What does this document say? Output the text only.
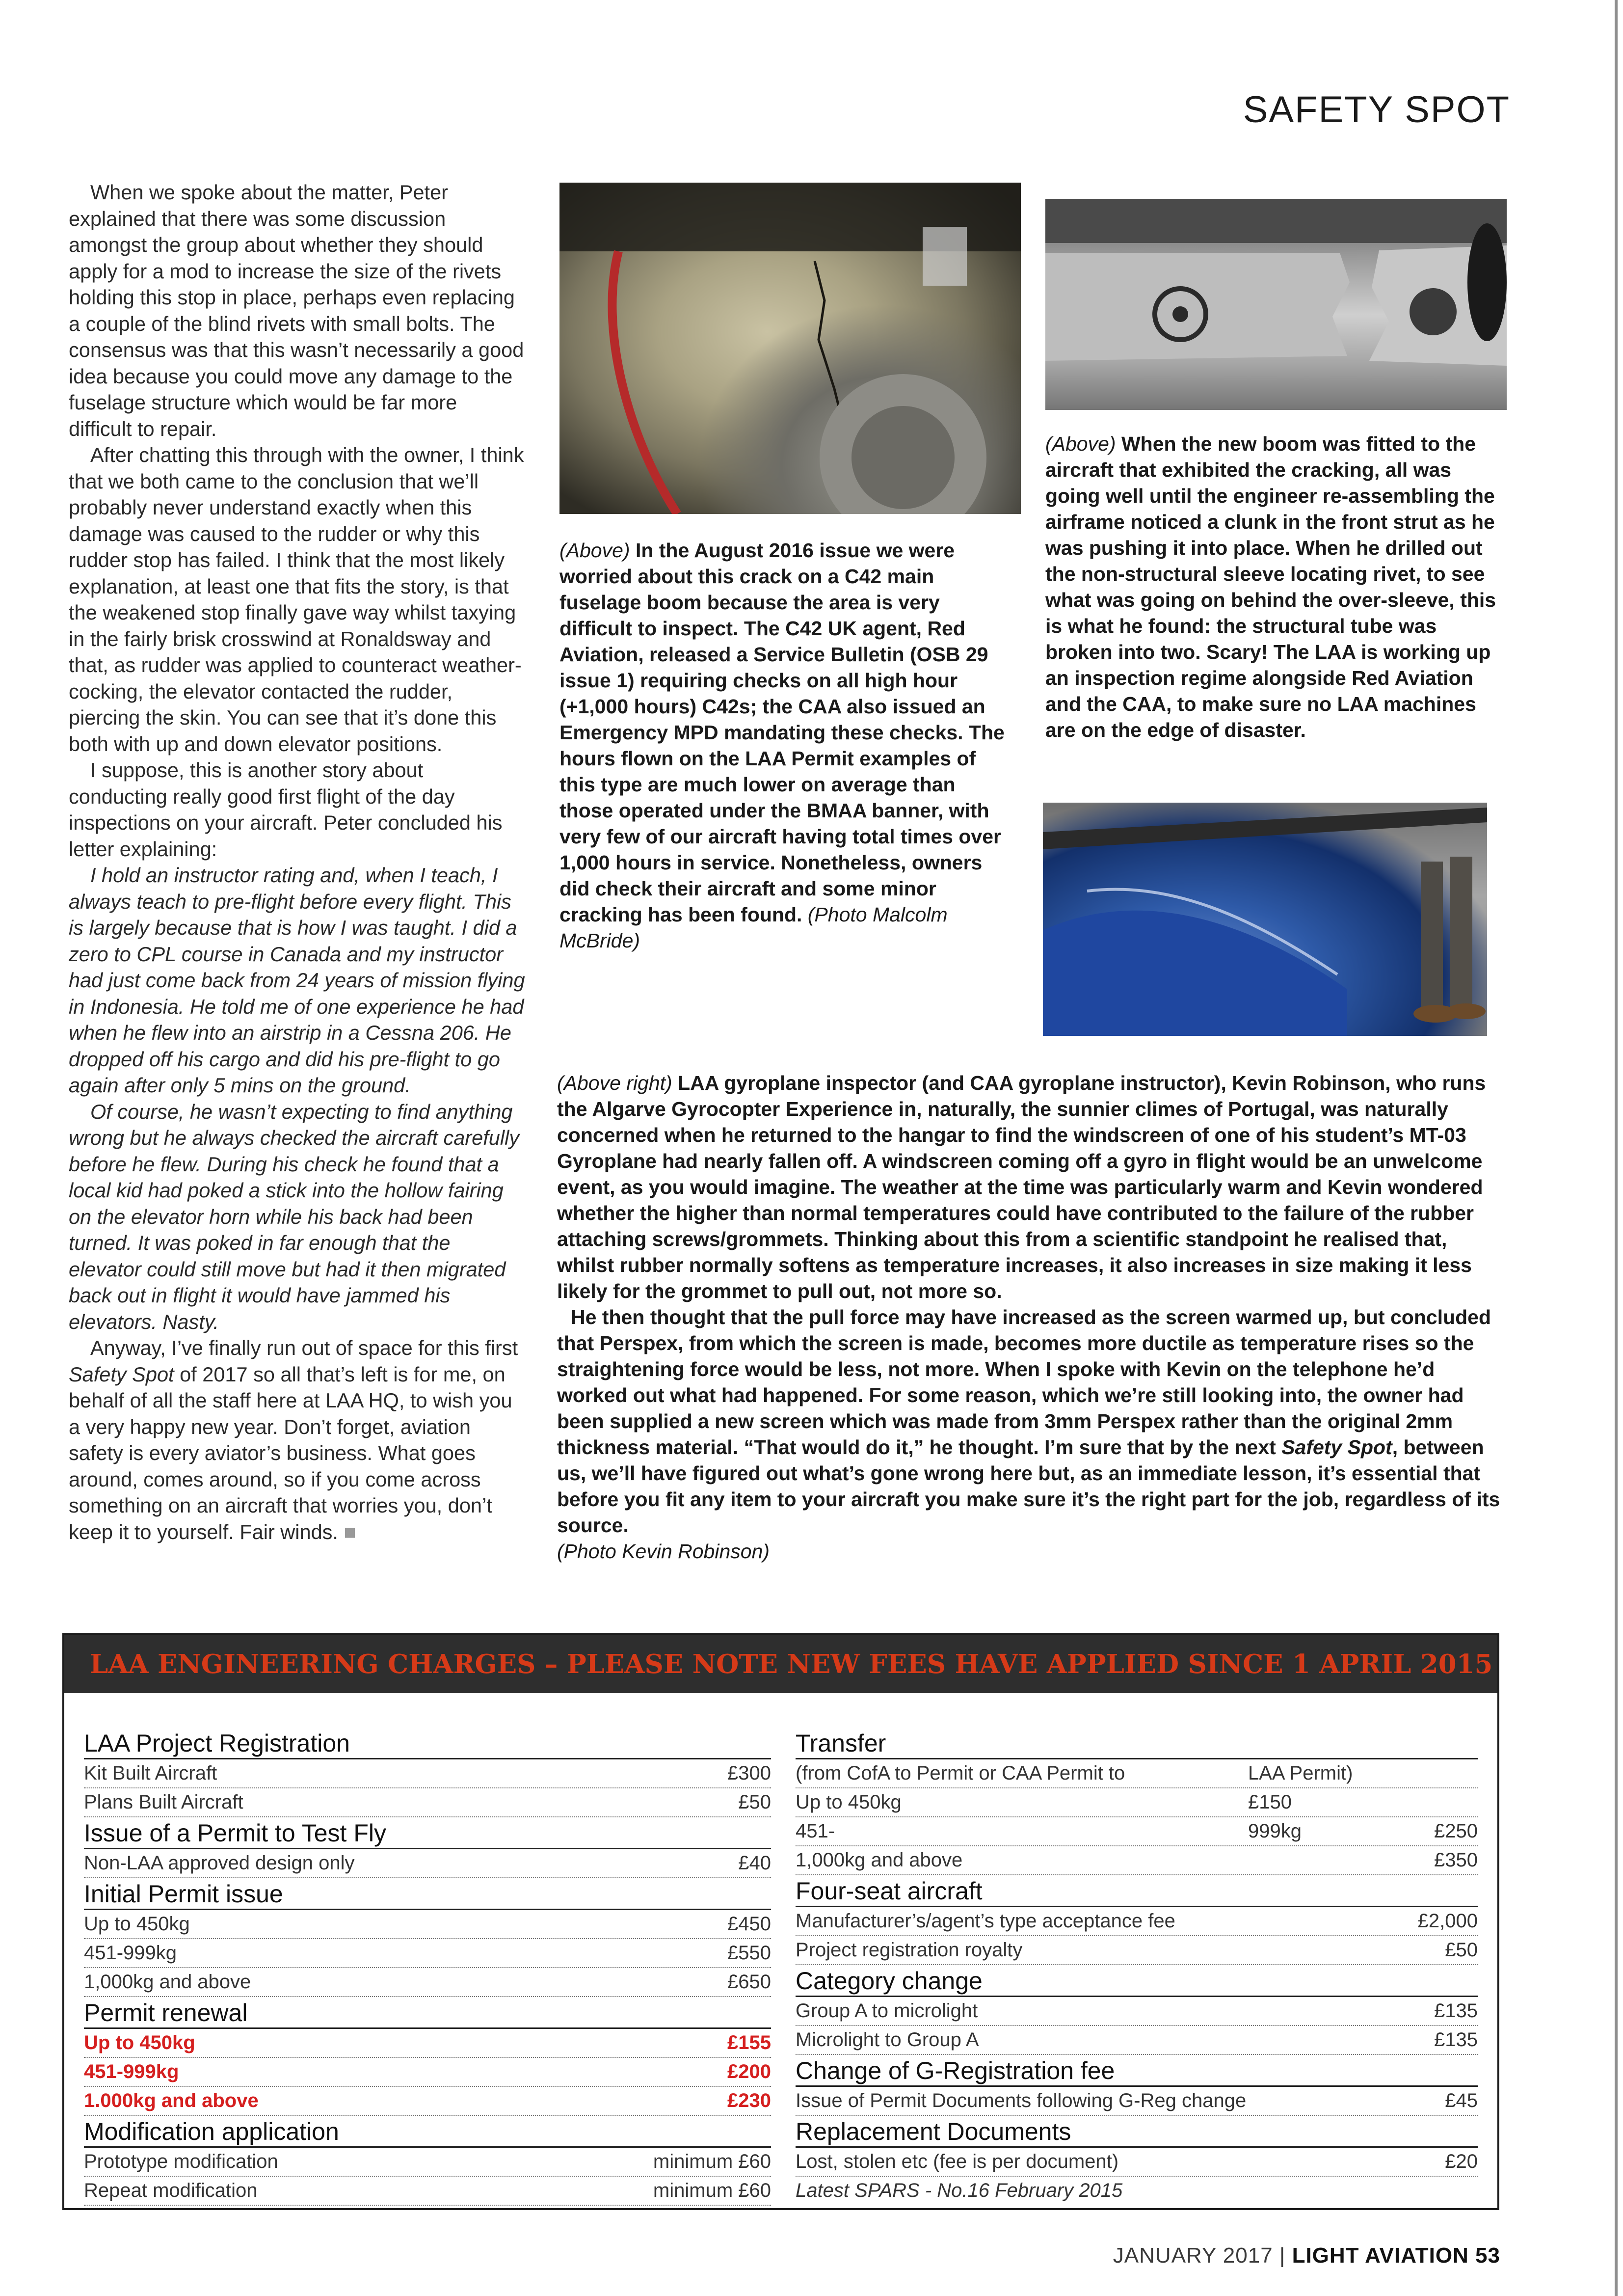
SAFETY SPOT

When we spoke about the matter, Peter explained that there was some discussion amongst the group about whether they should apply for a mod to increase the size of the rivets holding this stop in place, perhaps even replacing a couple of the blind rivets with small bolts. The consensus was that this wasn’t necessarily a good idea because you could move any damage to the fuselage structure which would be far more difficult to repair.

After chatting this through with the owner, I think that we both came to the conclusion that we’ll probably never understand exactly when this damage was caused to the rudder or why this rudder stop has failed. I think that the most likely explanation, at least one that fits the story, is that the weakened stop finally gave way whilst taxying in the fairly brisk crosswind at Ronaldsway and that, as rudder was applied to counteract weather-cocking, the elevator contacted the rudder, piercing the skin. You can see that it’s done this both with up and down elevator positions.

I suppose, this is another story about conducting really good first flight of the day inspections on your aircraft. Peter concluded his letter explaining:

I hold an instructor rating and, when I teach, I always teach to pre-flight before every flight. This is largely because that is how I was taught. I did a zero to CPL course in Canada and my instructor had just come back from 24 years of mission flying in Indonesia. He told me of one experience he had when he flew into an airstrip in a Cessna 206. He dropped off his cargo and did his pre-flight to go again after only 5 mins on the ground.

Of course, he wasn’t expecting to find anything wrong but he always checked the aircraft carefully before he flew. During his check he found that a local kid had poked a stick into the hollow fairing on the elevator horn while his back had been turned. It was poked in far enough that the elevator could still move but had it then migrated back out in flight it would have jammed his elevators. Nasty.

Anyway, I’ve finally run out of space for this first Safety Spot of 2017 so all that’s left is for me, on behalf of all the staff here at LAA HQ, to wish you a very happy new year. Don’t forget, aviation safety is every aviator’s business. What goes around, comes around, so if you come across something on an aircraft that worries you, don’t keep it to yourself. Fair winds. ■

(Above) In the August 2016 issue we were worried about this crack on a C42 main fuselage boom because the area is very difficult to inspect. The C42 UK agent, Red Aviation, released a Service Bulletin (OSB 29 issue 1) requiring checks on all high hour (+1,000 hours) C42s; the CAA also issued an Emergency MPD mandating these checks. The hours flown on the LAA Permit examples of this type are much lower on average than those operated under the BMAA banner, with very few of our aircraft having total times over 1,000 hours in service. Nonetheless, owners did check their aircraft and some minor cracking has been found. (Photo Malcolm McBride)
(Above) When the new boom was fitted to the aircraft that exhibited the cracking, all was going well until the engineer re-assembling the airframe noticed a clunk in the front strut as he was pushing it into place. When he drilled out the non-structural sleeve locating rivet, to see what was going on behind the over-sleeve, this is what he found: the structural tube was broken into two. Scary! The LAA is working up an inspection regime alongside Red Aviation and the CAA, to make sure no LAA machines are on the edge of disaster.

(Above right) LAA gyroplane inspector (and CAA gyroplane instructor), Kevin Robinson, who runs the Algarve Gyrocopter Experience in, naturally, the sunnier climes of Portugal, was naturally concerned when he returned to the hangar to find the windscreen of one of his student’s MT-03 Gyroplane had nearly fallen off. A windscreen coming off a gyro in flight would be an unwelcome event, as you would imagine. The weather at the time was particularly warm and Kevin wondered whether the higher than normal temperatures could have contributed to the failure of the rubber attaching screws/grommets. Thinking about this from a scientific standpoint he realised that, whilst rubber normally softens as temperature increases, it also increases in size making it less likely for the grommet to pull out, not more so.

He then thought that the pull force may have increased as the screen warmed up, but concluded that Perspex, from which the screen is made, becomes more ductile as temperature rises so the straightening force would be less, not more. When I spoke with Kevin on the telephone he’d worked out what had happened. For some reason, which we’re still looking into, the owner had been supplied a new screen which was made from 3mm Perspex rather than the original 2mm thickness material. “That would do it,” he thought. I’m sure that by the next Safety Spot, between us, we’ll have figured out what’s gone wrong here but, as an immediate lesson, it’s essential that before you fit any item to your aircraft you make sure it’s the right part for the job, regardless of its source.

(Photo Kevin Robinson)

LAA ENGINEERING CHARGES – PLEASE NOTE NEW FEES HAVE APPLIED SINCE 1 APRIL 2015
LAA Project Registration
Kit Built Aircraft	£300
Plans Built Aircraft	£50
Issue of a Permit to Test Fly
Non-LAA approved design only	£40
Initial Permit issue
Up to 450kg	£450
451-999kg	£550
1,000kg and above	£650
Permit renewal
Up to 450kg	£155
451-999kg	£200
1.000kg and above	£230
Modification application
Prototype modification	minimum £60
Repeat modification	minimum £60
Transfer
(from CofA to Permit or CAA Permit to	LAA Permit)
Up to 450kg	£150
451-	999kg	£250
1,000kg and above	£350
Four-seat aircraft
Manufacturer’s/agent’s type acceptance fee	£2,000
Project registration royalty	£50
Category change
Group A to microlight	£135
Microlight to Group A	£135
Change of G-Registration fee
Issue of Permit Documents following G-Reg change	£45
Replacement Documents
Lost, stolen etc (fee is per document)	£20
Latest SPARS - No.16 February 2015
JANUARY 2017 | LIGHT AVIATION 53
